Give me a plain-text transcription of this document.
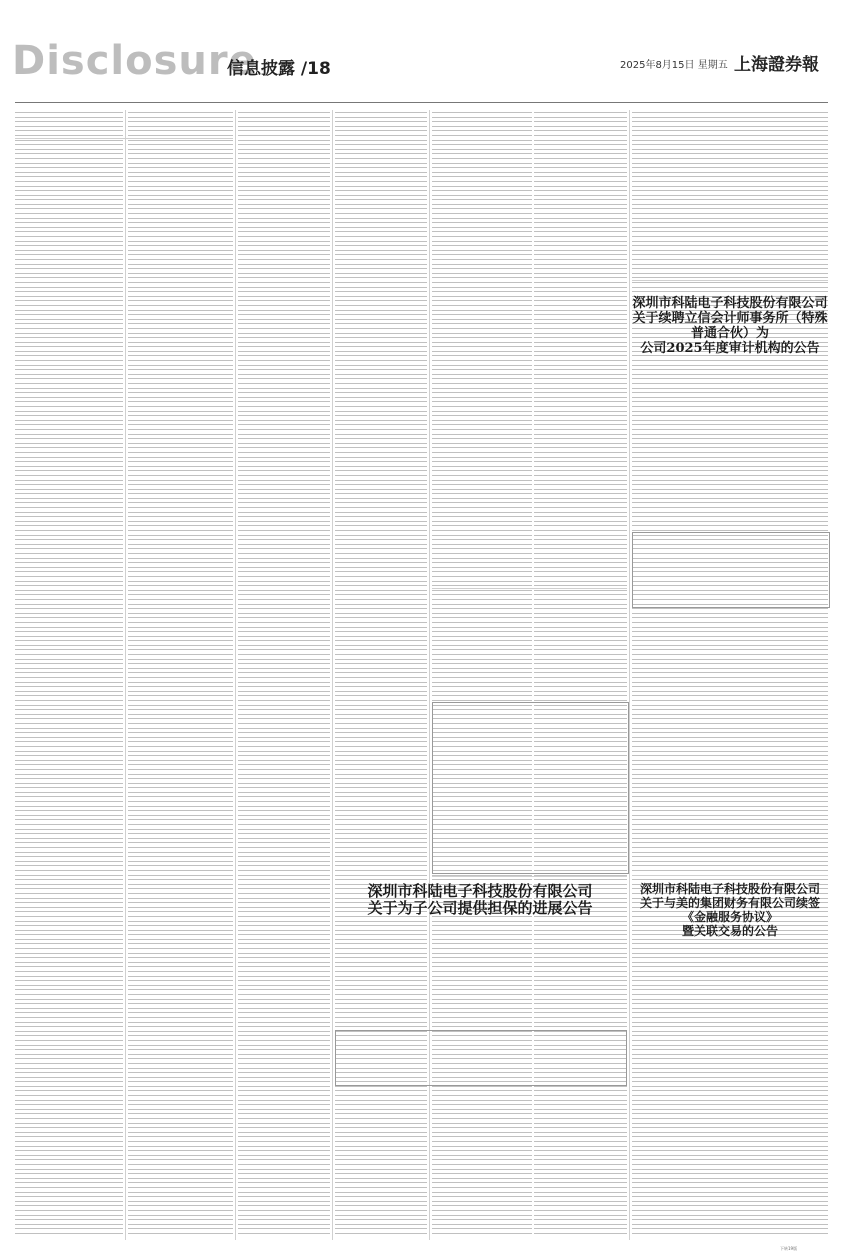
Disclosure
信息披露 /18	2025年8月15日 星期五 上海證券報
深圳市科陆电子科技股份有限公司
关于续聘立信会计师事务所（特殊普通合伙）为
公司2025年度审计机构的公告
深圳市科陆电子科技股份有限公司
关于为子公司提供担保的进展公告
深圳市科陆电子科技股份有限公司
关于与美的集团财务有限公司续签《金融服务协议》
暨关联交易的公告
下转19版
